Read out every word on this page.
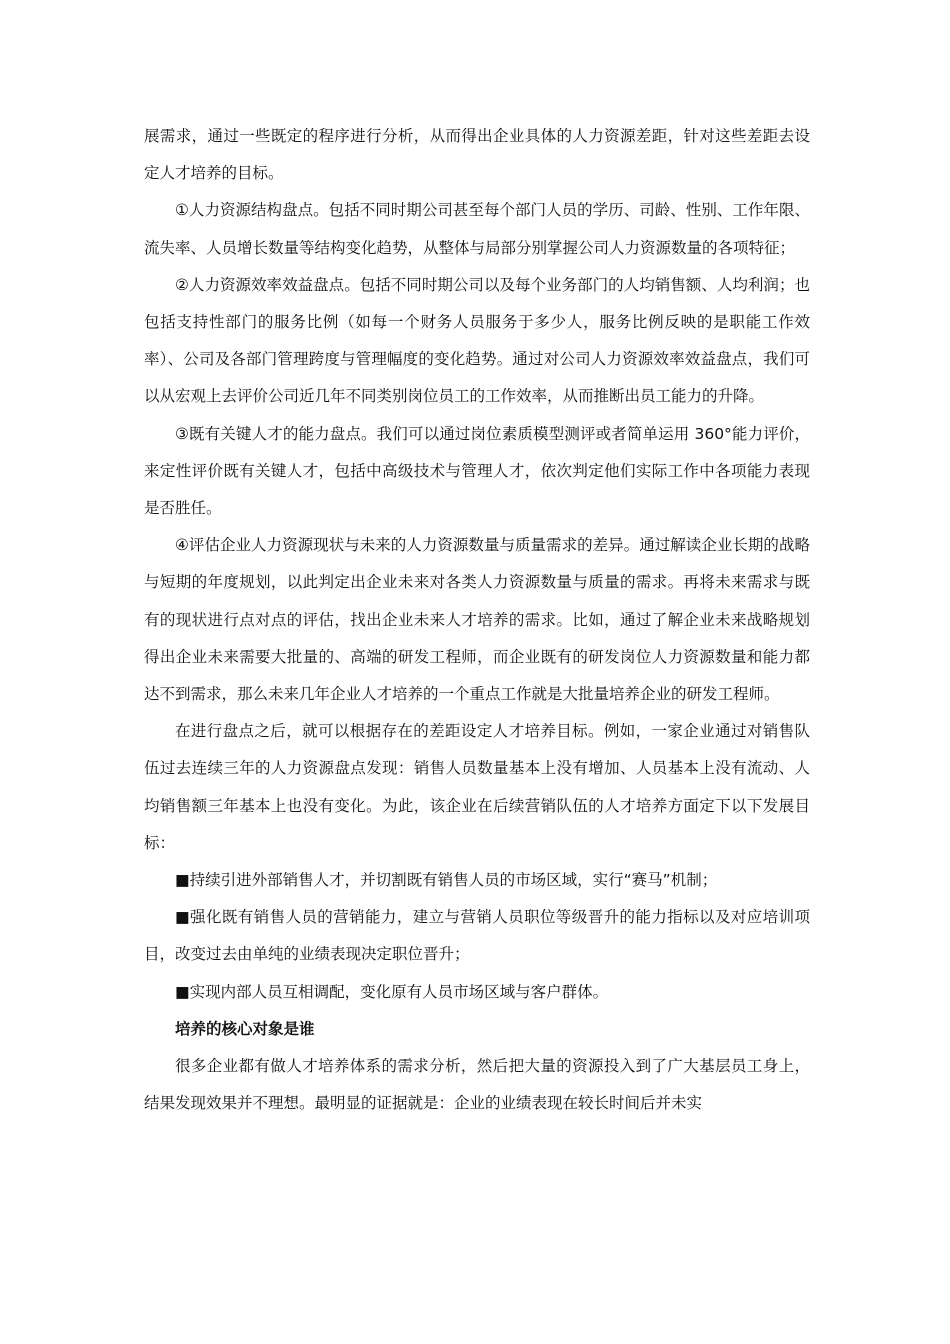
展需求，通过一些既定的程序进行分析，从而得出企业具体的人力资源差距，针对这些差距去设定人才培养的目标。

①人力资源结构盘点。包括不同时期公司甚至每个部门人员的学历、司龄、性别、工作年限、流失率、人员增长数量等结构变化趋势，从整体与局部分别掌握公司人力资源数量的各项特征；

②人力资源效率效益盘点。包括不同时期公司以及每个业务部门的人均销售额、人均利润；也包括支持性部门的服务比例（如每一个财务人员服务于多少人，服务比例反映的是职能工作效率）、公司及各部门管理跨度与管理幅度的变化趋势。通过对公司人力资源效率效益盘点，我们可以从宏观上去评价公司近几年不同类别岗位员工的工作效率，从而推断出员工能力的升降。

③既有关键人才的能力盘点。我们可以通过岗位素质模型测评或者简单运用 360°能力评价，来定性评价既有关键人才，包括中高级技术与管理人才，依次判定他们实际工作中各项能力表现是否胜任。

④评估企业人力资源现状与未来的人力资源数量与质量需求的差异。通过解读企业长期的战略与短期的年度规划，以此判定出企业未来对各类人力资源数量与质量的需求。再将未来需求与既有的现状进行点对点的评估，找出企业未来人才培养的需求。比如，通过了解企业未来战略规划得出企业未来需要大批量的、高端的研发工程师，而企业既有的研发岗位人力资源数量和能力都达不到需求，那么未来几年企业人才培养的一个重点工作就是大批量培养企业的研发工程师。

在进行盘点之后，就可以根据存在的差距设定人才培养目标。例如，一家企业通过对销售队伍过去连续三年的人力资源盘点发现：销售人员数量基本上没有增加、人员基本上没有流动、人均销售额三年基本上也没有变化。为此，该企业在后续营销队伍的人才培养方面定下以下发展目标：

■持续引进外部销售人才，并切割既有销售人员的市场区域，实行“赛马”机制；

■强化既有销售人员的营销能力，建立与营销人员职位等级晋升的能力指标以及对应培训项目，改变过去由单纯的业绩表现决定职位晋升；

■实现内部人员互相调配，变化原有人员市场区域与客户群体。

培养的核心对象是谁

很多企业都有做人才培养体系的需求分析，然后把大量的资源投入到了广大基层员工身上，结果发现效果并不理想。最明显的证据就是：企业的业绩表现在较长时间后并未实
